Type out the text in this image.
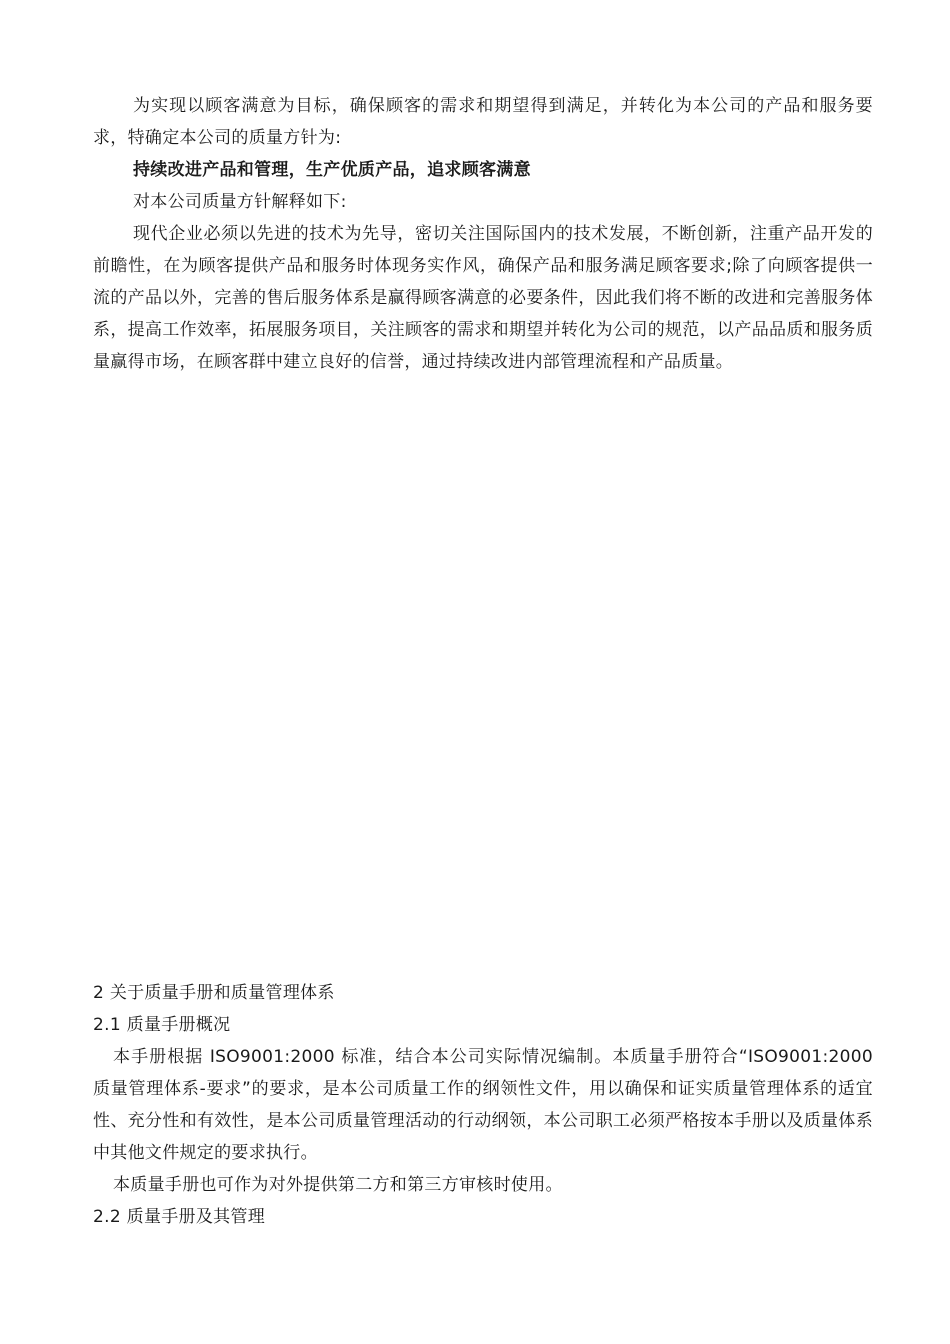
为实现以顾客满意为目标，确保顾客的需求和期望得到满足，并转化为本公司的产品和服务要求，特确定本公司的质量方针为:

持续改进产品和管理，生产优质产品，追求顾客满意

对本公司质量方针解释如下:

现代企业必须以先进的技术为先导，密切关注国际国内的技术发展，不断创新，注重产品开发的前瞻性，在为顾客提供产品和服务时体现务实作风，确保产品和服务满足顾客要求;除了向顾客提供一流的产品以外，完善的售后服务体系是赢得顾客满意的必要条件，因此我们将不断的改进和完善服务体系，提高工作效率，拓展服务项目，关注顾客的需求和期望并转化为公司的规范，以产品品质和服务质量赢得市场，在顾客群中建立良好的信誉，通过持续改进内部管理流程和产品质量。

2 关于质量手册和质量管理体系

2.1 质量手册概况

本手册根据 ISO9001:2000 标准，结合本公司实际情况编制。本质量手册符合“ISO9001:2000 质量管理体系-要求”的要求，是本公司质量工作的纲领性文件，用以确保和证实质量管理体系的适宜性、充分性和有效性，是本公司质量管理活动的行动纲领，本公司职工必须严格按本手册以及质量体系中其他文件规定的要求执行。

本质量手册也可作为对外提供第二方和第三方审核时使用。

2.2 质量手册及其管理
